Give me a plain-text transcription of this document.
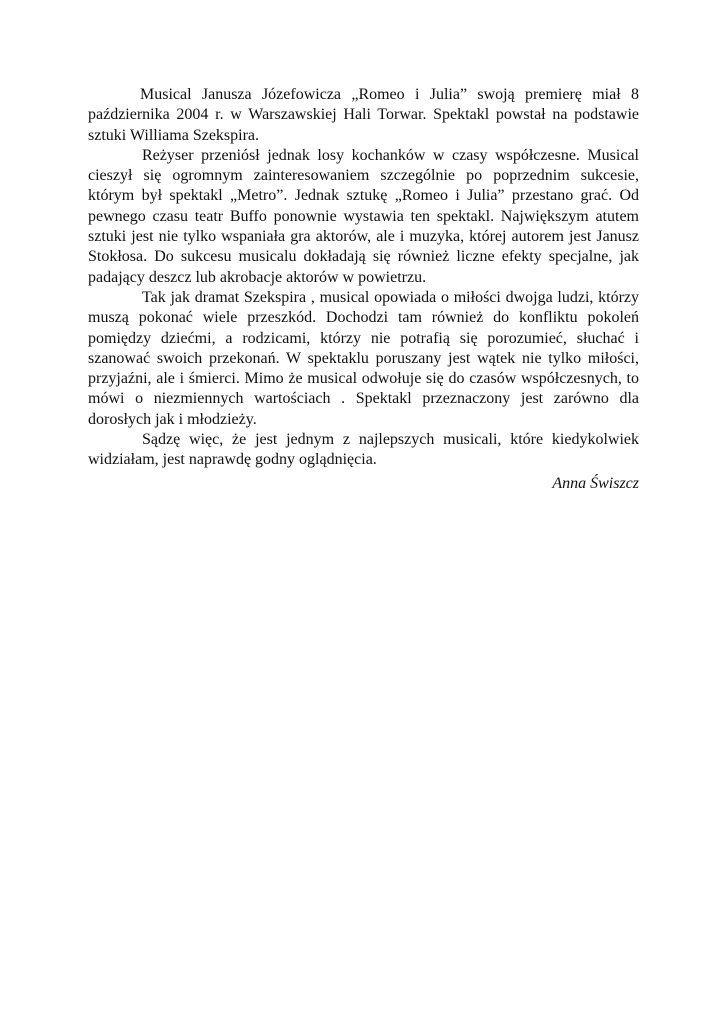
Musical Janusza Józefowicza „Romeo i Julia” swoją premierę miał 8 października 2004 r. w Warszawskiej Hali Torwar. Spektakl powstał na podstawie sztuki Williama Szekspira.

Reżyser przeniósł jednak losy kochanków w czasy współczesne. Musical cieszył się ogromnym zainteresowaniem szczególnie po poprzednim sukcesie, którym był spektakl „Metro”. Jednak sztukę „Romeo i Julia” przestano grać. Od pewnego czasu teatr Buffo ponownie wystawia ten spektakl. Największym atutem sztuki jest nie tylko wspaniała gra aktorów, ale i muzyka, której autorem jest Janusz Stokłosa. Do sukcesu musicalu dokładają się również liczne efekty specjalne, jak padający deszcz lub akrobacje aktorów w powietrzu.

Tak jak dramat Szekspira , musical opowiada o miłości dwojga ludzi, którzy muszą pokonać wiele przeszkód. Dochodzi tam również do konfliktu pokoleń pomiędzy dziećmi, a rodzicami, którzy nie potrafią się porozumieć, słuchać i szanować swoich przekonań. W spektaklu poruszany jest wątek nie tylko miłości, przyjaźni, ale i śmierci. Mimo że musical odwołuje się do czasów współczesnych, to mówi o niezmiennych wartościach . Spektakl przeznaczony jest zarówno dla dorosłych jak i młodzieży.

Sądzę więc, że jest jednym z najlepszych musicali, które kiedykolwiek widziałam, jest naprawdę godny oglądnięcia.

Anna Świszcz
